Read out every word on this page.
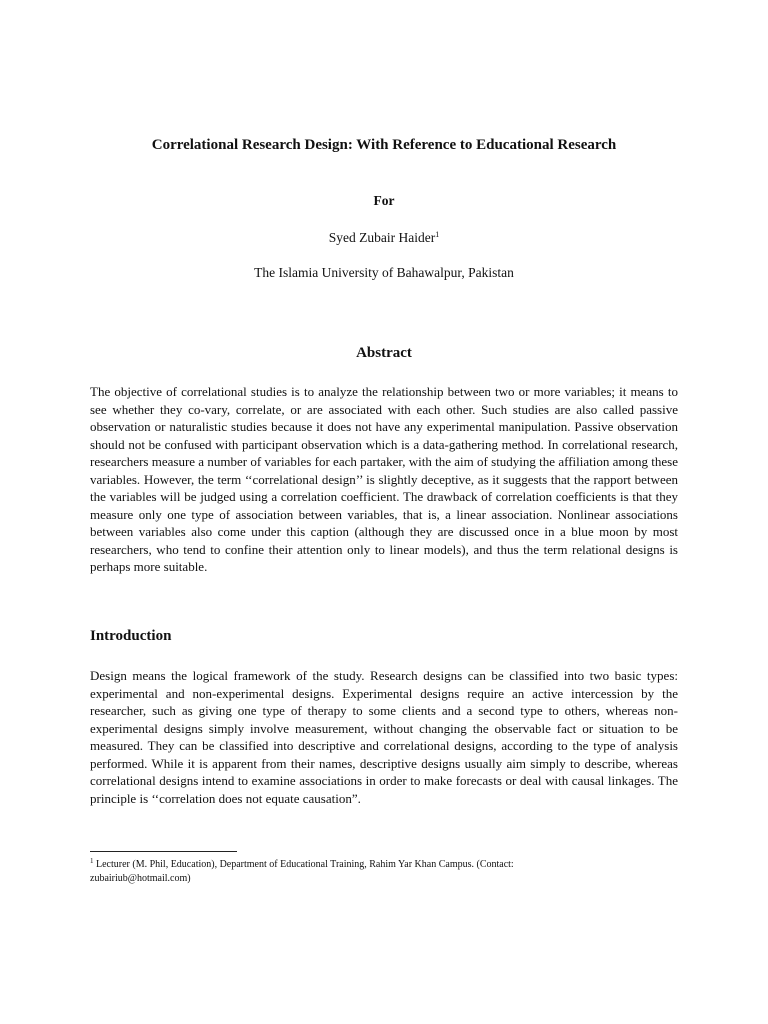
Correlational Research Design: With Reference to Educational Research
For
Syed Zubair Haider$^1$
The Islamia University of Bahawalpur, Pakistan
Abstract

The objective of correlational studies is to analyze the relationship between two or more variables; it means to see whether they co-vary, correlate, or are associated with each other. Such studies are also called passive observation or naturalistic studies because it does not have any experimental manipulation. Passive observation should not be confused with participant observation which is a data-gathering method. In correlational research, researchers measure a number of variables for each partaker, with the aim of studying the affiliation among these variables. However, the term ‘‘correlational design’’ is slightly deceptive, as it suggests that the rapport between the variables will be judged using a correlation coefficient. The drawback of correlation coefficients is that they measure only one type of association between variables, that is, a linear association. Nonlinear associations between variables also come under this caption (although they are discussed once in a blue moon by most researchers, who tend to confine their attention only to linear models), and thus the term relational designs is perhaps more suitable.

Introduction

Design means the logical framework of the study. Research designs can be classified into two basic types: experimental and non-experimental designs. Experimental designs require an active intercession by the researcher, such as giving one type of therapy to some clients and a second type to others, whereas non-experimental designs simply involve measurement, without changing the observable fact or situation to be measured. They can be classified into descriptive and correlational designs, according to the type of analysis performed. While it is apparent from their names, descriptive designs usually aim simply to describe, whereas correlational designs intend to examine associations in order to make forecasts or deal with causal linkages. The principle is ‘‘correlation does not equate causation”.

$^1$ Lecturer (M. Phil, Education), Department of Educational Training, Rahim Yar Khan Campus. (Contact: zubairiub@hotmail.com)
